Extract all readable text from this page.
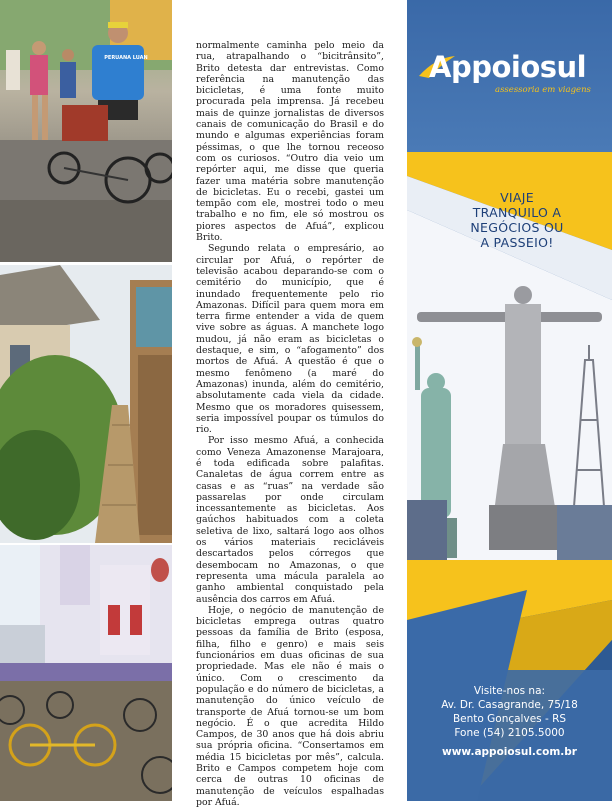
PERUANA LUAN

normalmente caminha pelo meio da rua, atrapalhando o “bicitrânsito”, Brito detesta dar entrevistas. Como referência na manutenção das bicicletas, é uma fonte muito procurada pela imprensa. Já recebeu mais de quinze jornalistas de diversos canais de comunicação do Brasil e do mundo e algumas experiências foram péssimas, o que lhe tornou receoso com os curiosos. “Outro dia veio um repórter aqui, me disse que queria fazer uma matéria sobre manutenção de bicicletas. Eu o recebi, gastei um tempão com ele, mostrei todo o meu trabalho e no fim, ele só mostrou os piores aspectos de Afuá”, explicou Brito.

Segundo relata o empresário, ao circular por Afuá, o repórter de televisão acabou deparando-se com o cemitério do município, que é inundado frequentemente pelo rio Amazonas. Difícil para quem mora em terra firme entender a vida de quem vive sobre as águas. A manchete logo mudou, já não eram as bicicletas o destaque, e sim, o “afogamento” dos mortos de Afuá. A questão é que o mesmo fenômeno (a maré do Amazonas) inunda, além do cemitério, absolutamente cada viela da cidade. Mesmo que os moradores quisessem, seria impossível poupar os túmulos do rio.

Por isso mesmo Afuá, a conhecida como Veneza Amazonense Marajoara, é toda edificada sobre palafitas. Canaletas de água correm entre as casas e as “ruas” na verdade são passarelas por onde circulam incessantemente as bicicletas. Aos gaúchos habituados com a coleta seletiva de lixo, saltará logo aos olhos os vários materiais recicláveis descartados pelos córregos que desembocam no Amazonas, o que representa uma mácula paralela ao ganho ambiental conquistado pela ausência dos carros em Afuá.

Hoje, o negócio de manutenção de bicicletas emprega outras quatro pessoas da família de Brito (esposa, filha, filho e genro) e mais seis funcionários em duas oficinas de sua propriedade. Mas ele não é mais o único. Com o crescimento da população e do número de bicicletas, a manutenção do único veículo de transporte de Afuá tornou-se um bom negócio. É o que acredita Hildo Campos, de 30 anos que há dois abriu sua própria oficina. “Consertamos em média 15 bicicletas por mês”, calcula. Brito e Campos competem hoje com cerca de outras 10 oficinas de manutenção de veículos espalhadas por Afuá.

Appoiosul
assessoria em viagens
VIAJE
TRANQUILO A
NEGÓCIOS OU
A PASSEIO!
Visite-nos na:
Av. Dr. Casagrande, 75/18
Bento Gonçalves - RS
Fone (54) 2105.5000
www.appoiosul.com.br
